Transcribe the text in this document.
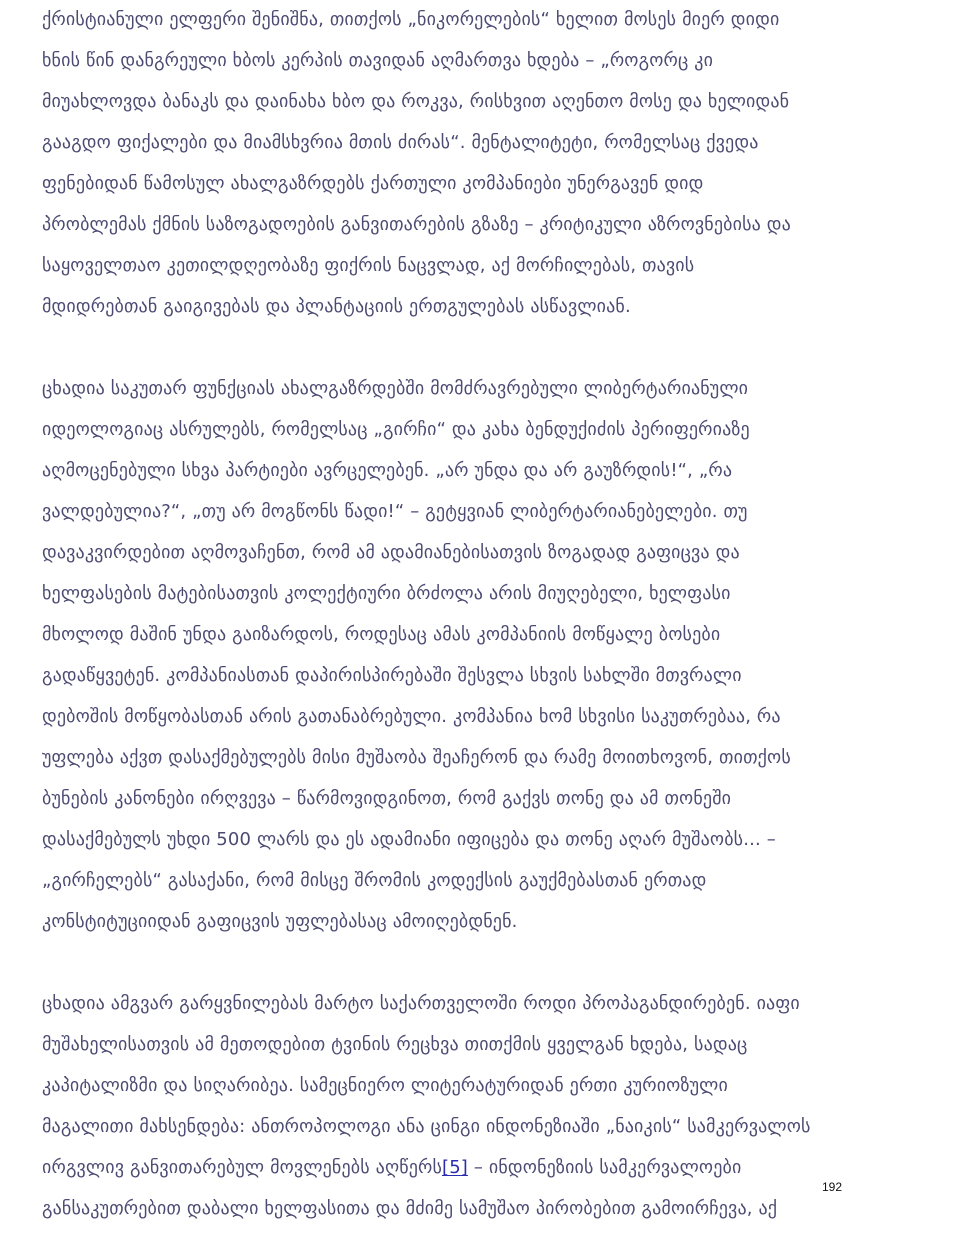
ქრისტიანული ელფერი შენიშნა, თითქოს „ნიკორელების“ ხელით მოსეს მიერ დიდი
ხნის წინ დანგრეული ხბოს კერპის თავიდან აღმართვა ხდება – „როგორც კი
მიუახლოვდა ბანაკს და დაინახა ხბო და როკვა, რისხვით აღენთო მოსე და ხელიდან
გააგდო ფიქალები და მიამსხვრია მთის ძირას“. მენტალიტეტი, რომელსაც ქვედა
ფენებიდან წამოსულ ახალგაზრდებს ქართული კომპანიები უნერგავენ დიდ
პრობლემას ქმნის საზოგადოების განვითარების გზაზე – კრიტიკული აზროვნებისა და
საყოველთაო კეთილდღეობაზე ფიქრის ნაცვლად, აქ მორჩილებას, თავის
მდიდრებთან გაიგივებას და პლანტაციის ერთგულებას ასწავლიან.
ცხადია საკუთარ ფუნქციას ახალგაზრდებში მომძრავრებული ლიბერტარიანული
იდეოლოგიაც ასრულებს, რომელსაც „გირჩი“ და კახა ბენდუქიძის პერიფერიაზე
აღმოცენებული სხვა პარტიები ავრცელებენ. „არ უნდა და არ გაუზრდის!“, „რა
ვალდებულია?“, „თუ არ მოგწონს წადი!“ – გეტყვიან ლიბერტარიანებელები. თუ
დავაკვირდებით აღმოვაჩენთ, რომ ამ ადამიანებისათვის ზოგადად გაფიცვა და
ხელფასების მატებისათვის კოლექტიური ბრძოლა არის მიუღებელი, ხელფასი
მხოლოდ მაშინ უნდა გაიზარდოს, როდესაც ამას კომპანიის მოწყალე ბოსები
გადაწყვეტენ. კომპანიასთან დაპირისპირებაში შესვლა სხვის სახლში მთვრალი
დებოშის მოწყობასთან არის გათანაბრებული. კომპანია ხომ სხვისი საკუთრებაა, რა
უფლება აქვთ დასაქმებულებს მისი მუშაობა შეაჩერონ და რამე მოითხოვონ, თითქოს
ბუნების კანონები ირღვევა – წარმოვიდგინოთ, რომ გაქვს თონე და ამ თონეში
დასაქმებულს უხდი 500 ლარს და ეს ადამიანი იფიცება და თონე აღარ მუშაობს... –
„გირჩელებს“ გასაქანი, რომ მისცე შრომის კოდექსის გაუქმებასთან ერთად
კონსტიტუციიდან გაფიცვის უფლებასაც ამოიღებდნენ.
ცხადია ამგვარ გარყვნილებას მარტო საქართველოში როდი პროპაგანდირებენ. იაფი
მუშახელისათვის ამ მეთოდებით ტვინის რეცხვა თითქმის ყველგან ხდება, სადაც
კაპიტალიზმი და სიღარიბეა. სამეცნიერო ლიტერატურიდან ერთი კურიოზული
მაგალითი მახსენდება: ანთროპოლოგი ანა ცინგი ინდონეზიაში „ნაიკის“ სამკერვალოს
ირგვლივ განვითარებულ მოვლენებს აღწერს[5] – ინდონეზიის სამკერვალოები
განსაკუთრებით დაბალი ხელფასითა და მძიმე სამუშაო პირობებით გამოირჩევა, აქ
192
